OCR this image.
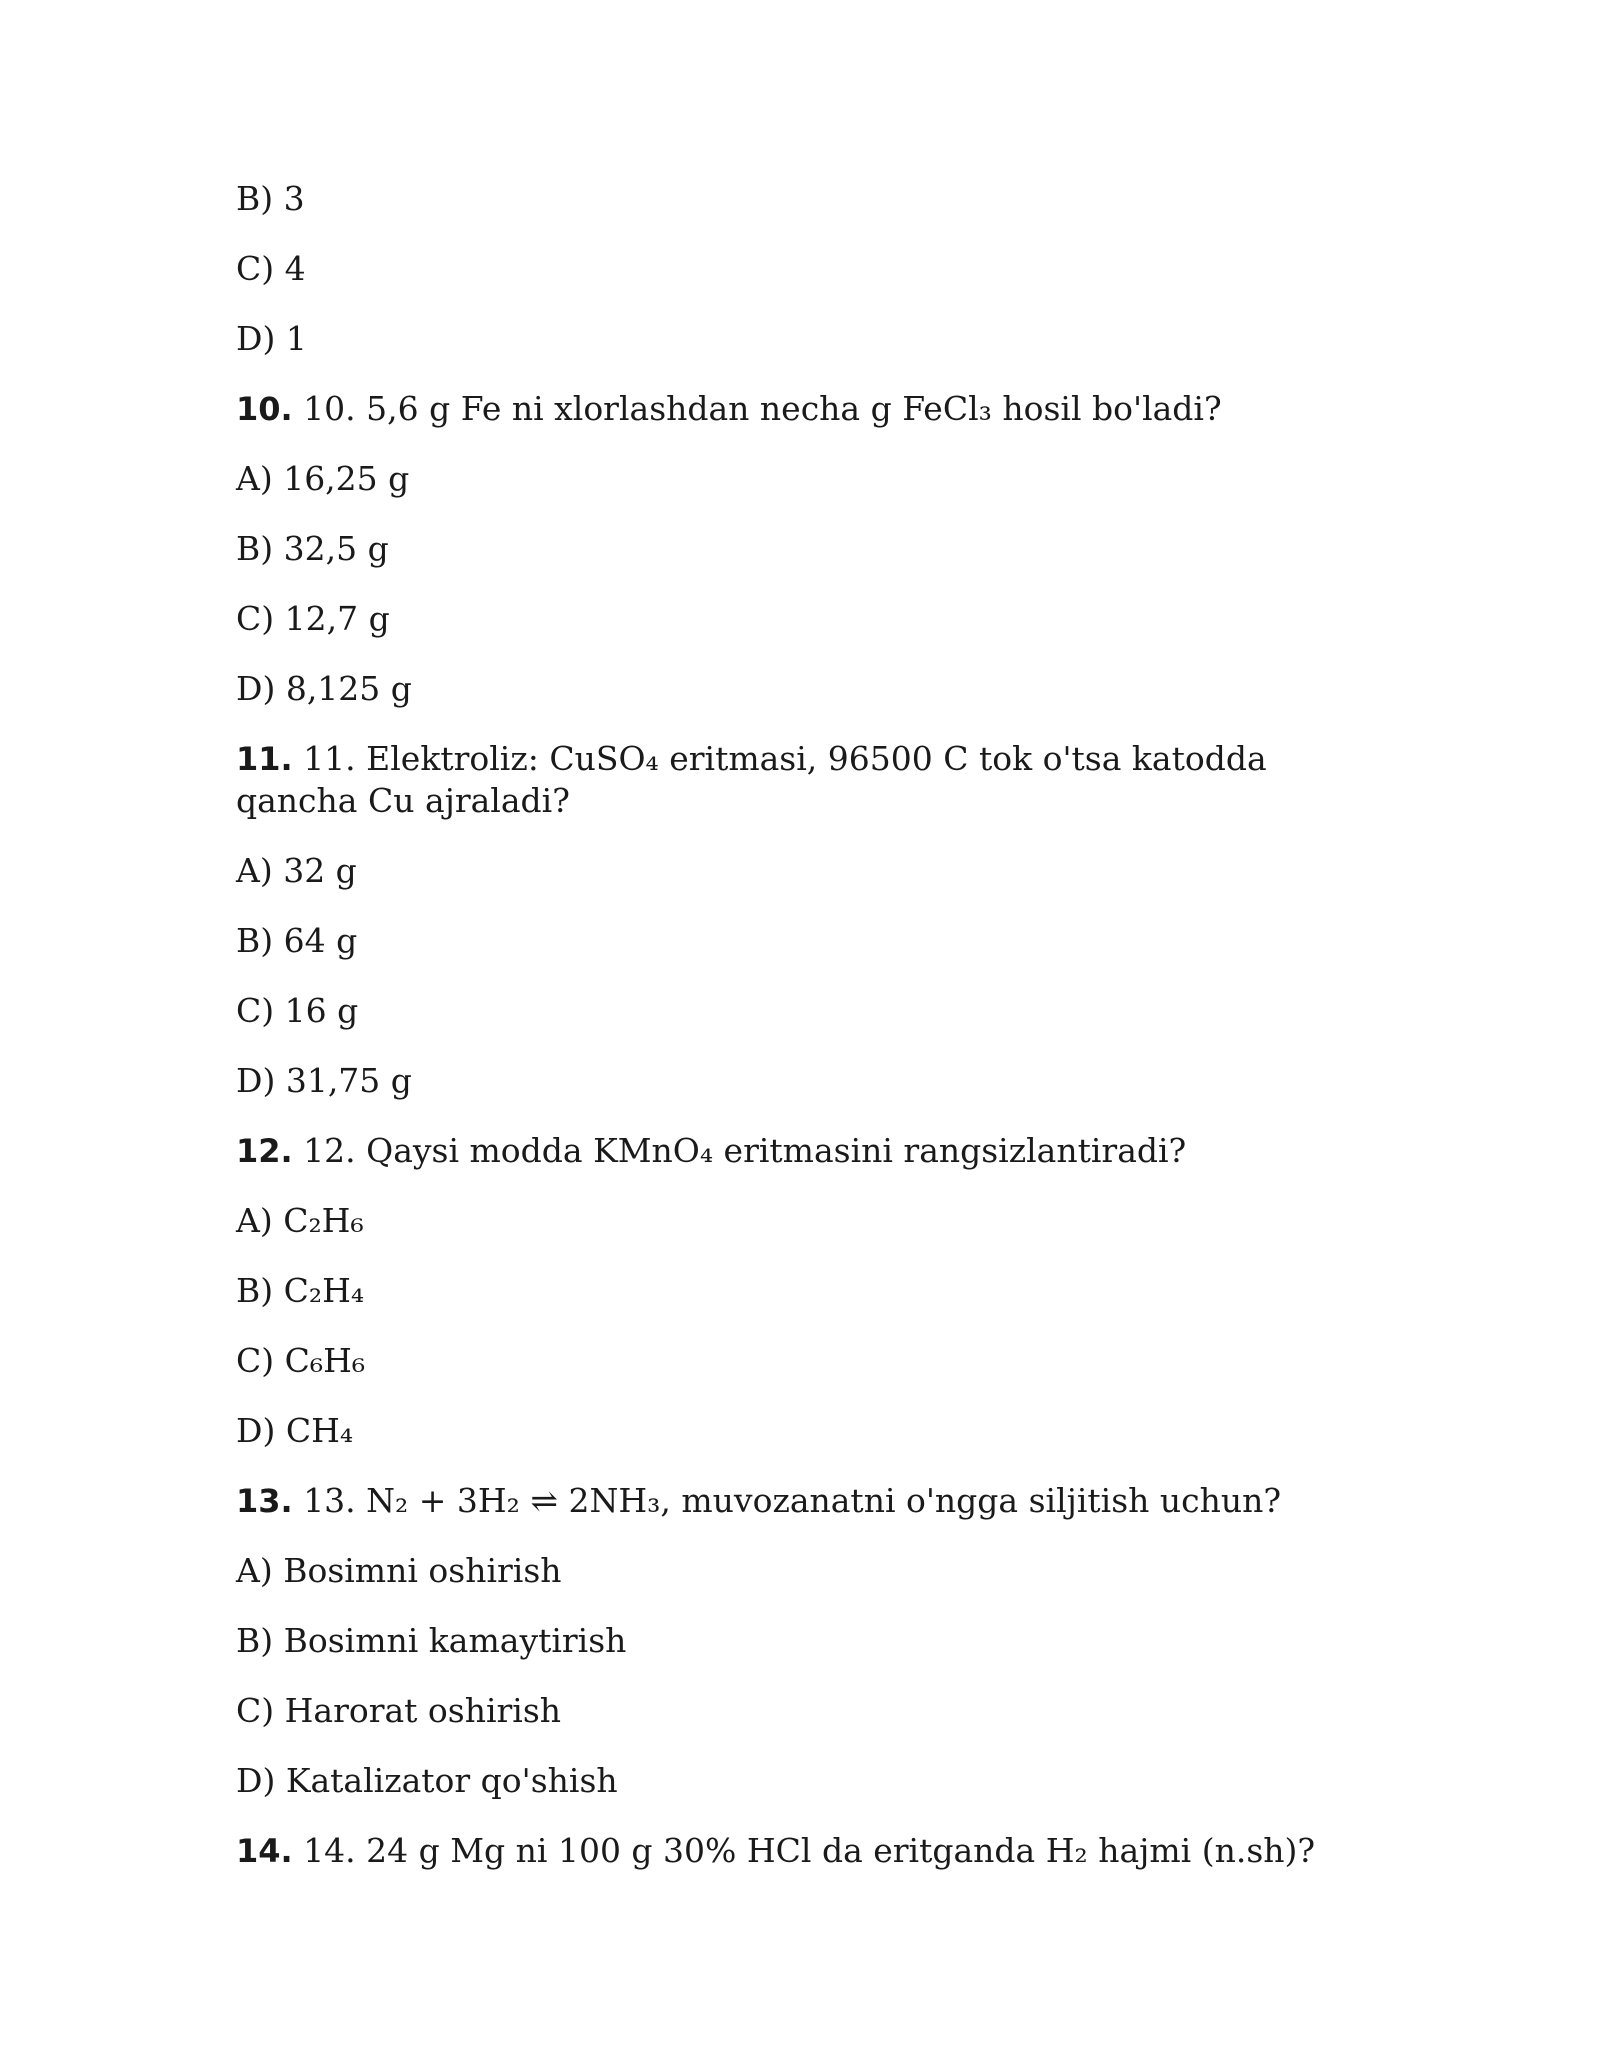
B) 3

C) 4

D) 1

10. 10. 5,6 g Fe ni xlorlashdan necha g FeCl₃ hosil bo'ladi?

A) 16,25 g

B) 32,5 g

C) 12,7 g

D) 8,125 g

11. 11. Elektroliz: CuSO₄ eritmasi, 96500 C tok o'tsa katodda qancha Cu ajraladi?

A) 32 g

B) 64 g

C) 16 g

D) 31,75 g

12. 12. Qaysi modda KMnO₄ eritmasini rangsizlantiradi?

A) C₂H₆

B) C₂H₄

C) C₆H₆

D) CH₄

13. 13. N₂ + 3H₂ ⇌ 2NH₃, muvozanatni o'ngga siljitish uchun?

A) Bosimni oshirish

B) Bosimni kamaytirish

C) Harorat oshirish

D) Katalizator qo'shish

14. 14. 24 g Mg ni 100 g 30% HCl da eritganda H₂ hajmi (n.sh)?
